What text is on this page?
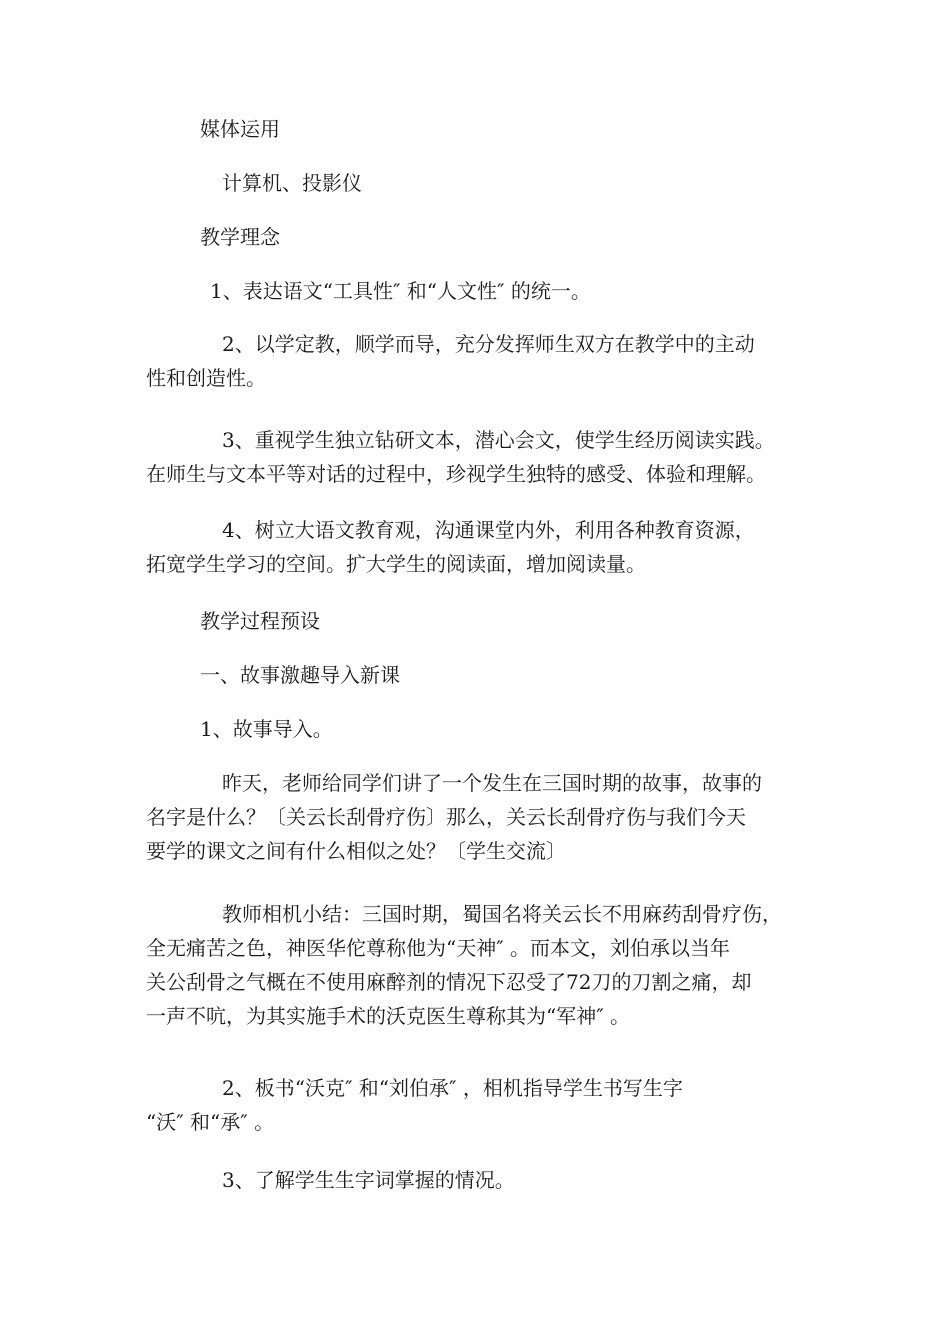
媒体运用

计算机、投影仪

教学理念

1、表达语文“工具性″ 和“人文性″ 的统一。

2、以学定教，顺学而导，充分发挥师生双方在教学中的主动
性和创造性。

3、重视学生独立钻研文本，潜心会文，使学生经历阅读实践。
在师生与文本平等对话的过程中，珍视学生独特的感受、体验和理解。

4、树立大语文教育观，沟通课堂内外，利用各种教育资源，
拓宽学生学习的空间。扩大学生的阅读面，增加阅读量。

教学过程预设

一、故事激趣导入新课

1、故事导入。

昨天，老师给同学们讲了一个发生在三国时期的故事，故事的
名字是什么？〔关云长刮骨疗伤〕那么，关云长刮骨疗伤与我们今天
要学的课文之间有什么相似之处？〔学生交流〕

教师相机小结：三国时期，蜀国名将关云长不用麻药刮骨疗伤，
全无痛苦之色，神医华佗尊称他为“天神″ 。而本文，刘伯承以当年
关公刮骨之气概在不使用麻醉剂的情况下忍受了72刀的刀割之痛，却
一声不吭，为其实施手术的沃克医生尊称其为“军神″ 。

2、板书“沃克″ 和“刘伯承″ ，相机指导学生书写生字
“沃″ 和“承″ 。

3、了解学生生字词掌握的情况。
